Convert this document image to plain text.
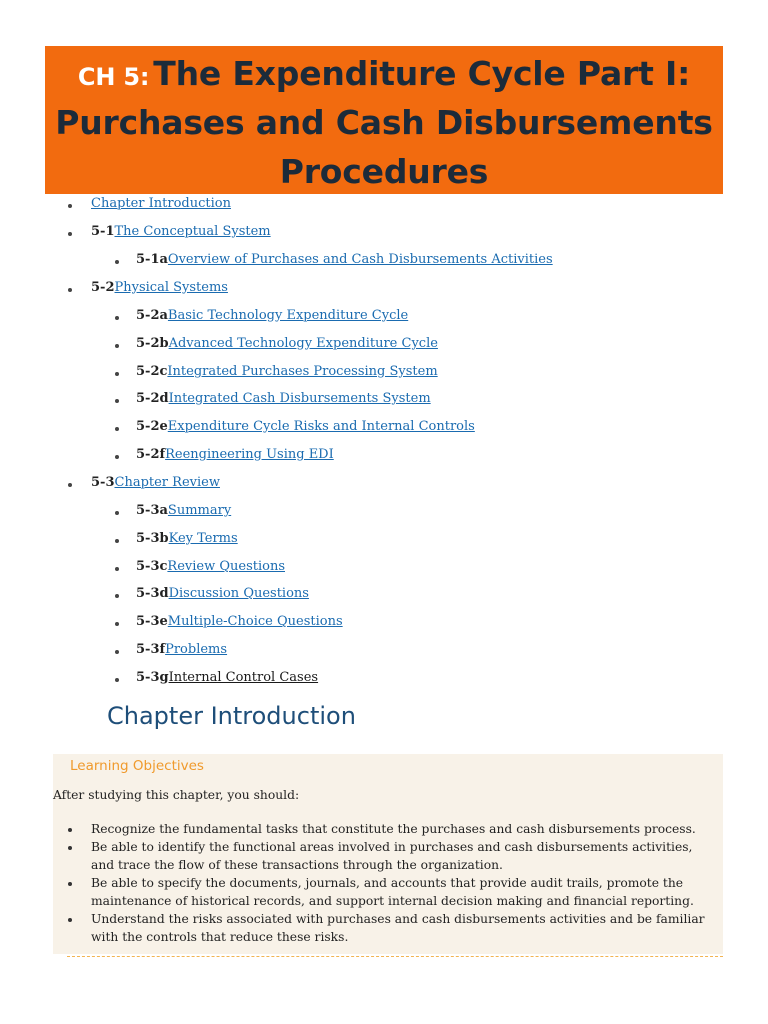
CH 5: The Expenditure Cycle Part I:
Purchases and Cash Disbursements
Procedures
Chapter Introduction
5-1The Conceptual System
5-1aOverview of Purchases and Cash Disbursements Activities
5-2Physical Systems
5-2aBasic Technology Expenditure Cycle
5-2bAdvanced Technology Expenditure Cycle
5-2cIntegrated Purchases Processing System
5-2dIntegrated Cash Disbursements System
5-2eExpenditure Cycle Risks and Internal Controls
5-2fReengineering Using EDI
5-3Chapter Review
5-3aSummary
5-3bKey Terms
5-3cReview Questions
5-3dDiscussion Questions
5-3eMultiple-Choice Questions
5-3fProblems
5-3gInternal Control Cases
Chapter Introduction
Learning Objectives
After studying this chapter, you should:
Recognize the fundamental tasks that constitute the purchases and cash disbursements process.
Be able to identify the functional areas involved in purchases and cash disbursements activities,
and trace the flow of these transactions through the organization.
Be able to specify the documents, journals, and accounts that provide audit trails, promote the
maintenance of historical records, and support internal decision making and financial reporting.
Understand the risks associated with purchases and cash disbursements activities and be familiar
with the controls that reduce these risks.
